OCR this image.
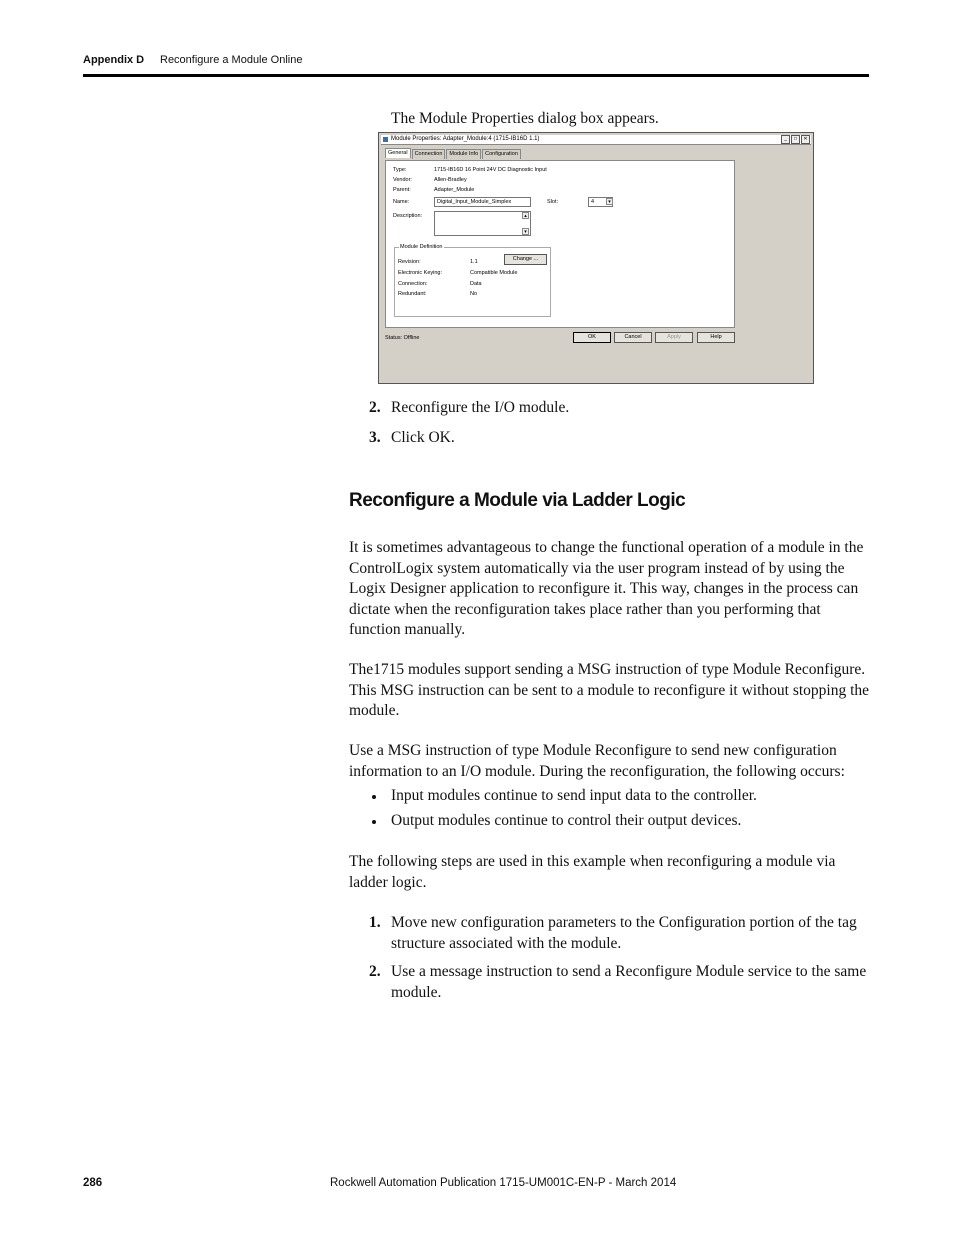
Appendix D Reconfigure a Module Online
The Module Properties dialog box appears.
Module Properties: Adapter_Module:4 (1715-IB16D 1.1)	_	□	✕
General	Connection	Module Info	Configuration
Type:	1715-IB16D 16 Point 24V DC Diagnostic Input
Vendor:	Allen-Bradley
Parent:	Adapter_Module
Name:	Digital_Input_Module_Simplex	Slot:	4	▾
Description:	▴
▾
Module Definition
Change ...
Revision:	1.1
Electronic Keying:	Compatible Module
Connection:	Data
Redundant:	No
Status: Offline	OK	Cancel	Apply	Help
2. Reconfigure the I/O module.
3. Click OK.
Reconfigure a Module via Ladder Logic

It is sometimes advantageous to change the functional operation of a module in the ControlLogix system automatically via the user program instead of by using the Logix Designer application to reconfigure it. This way, changes in the process can dictate when the reconfiguration takes place rather than you performing that function manually.

The1715 modules support sending a MSG instruction of type Module Reconfigure. This MSG instruction can be sent to a module to reconfigure it without stopping the module.

Use a MSG instruction of type Module Reconfigure to send new configuration information to an I/O module. During the reconfiguration, the following occurs:

Input modules continue to send input data to the controller.
Output modules continue to control their output devices.

The following steps are used in this example when reconfiguring a module via ladder logic.

1. Move new configuration parameters to the Configuration portion of the tag structure associated with the module.
2. Use a message instruction to send a Reconfigure Module service to the same module.
286	Rockwell Automation Publication 1715-UM001C-EN-P - March 2014
